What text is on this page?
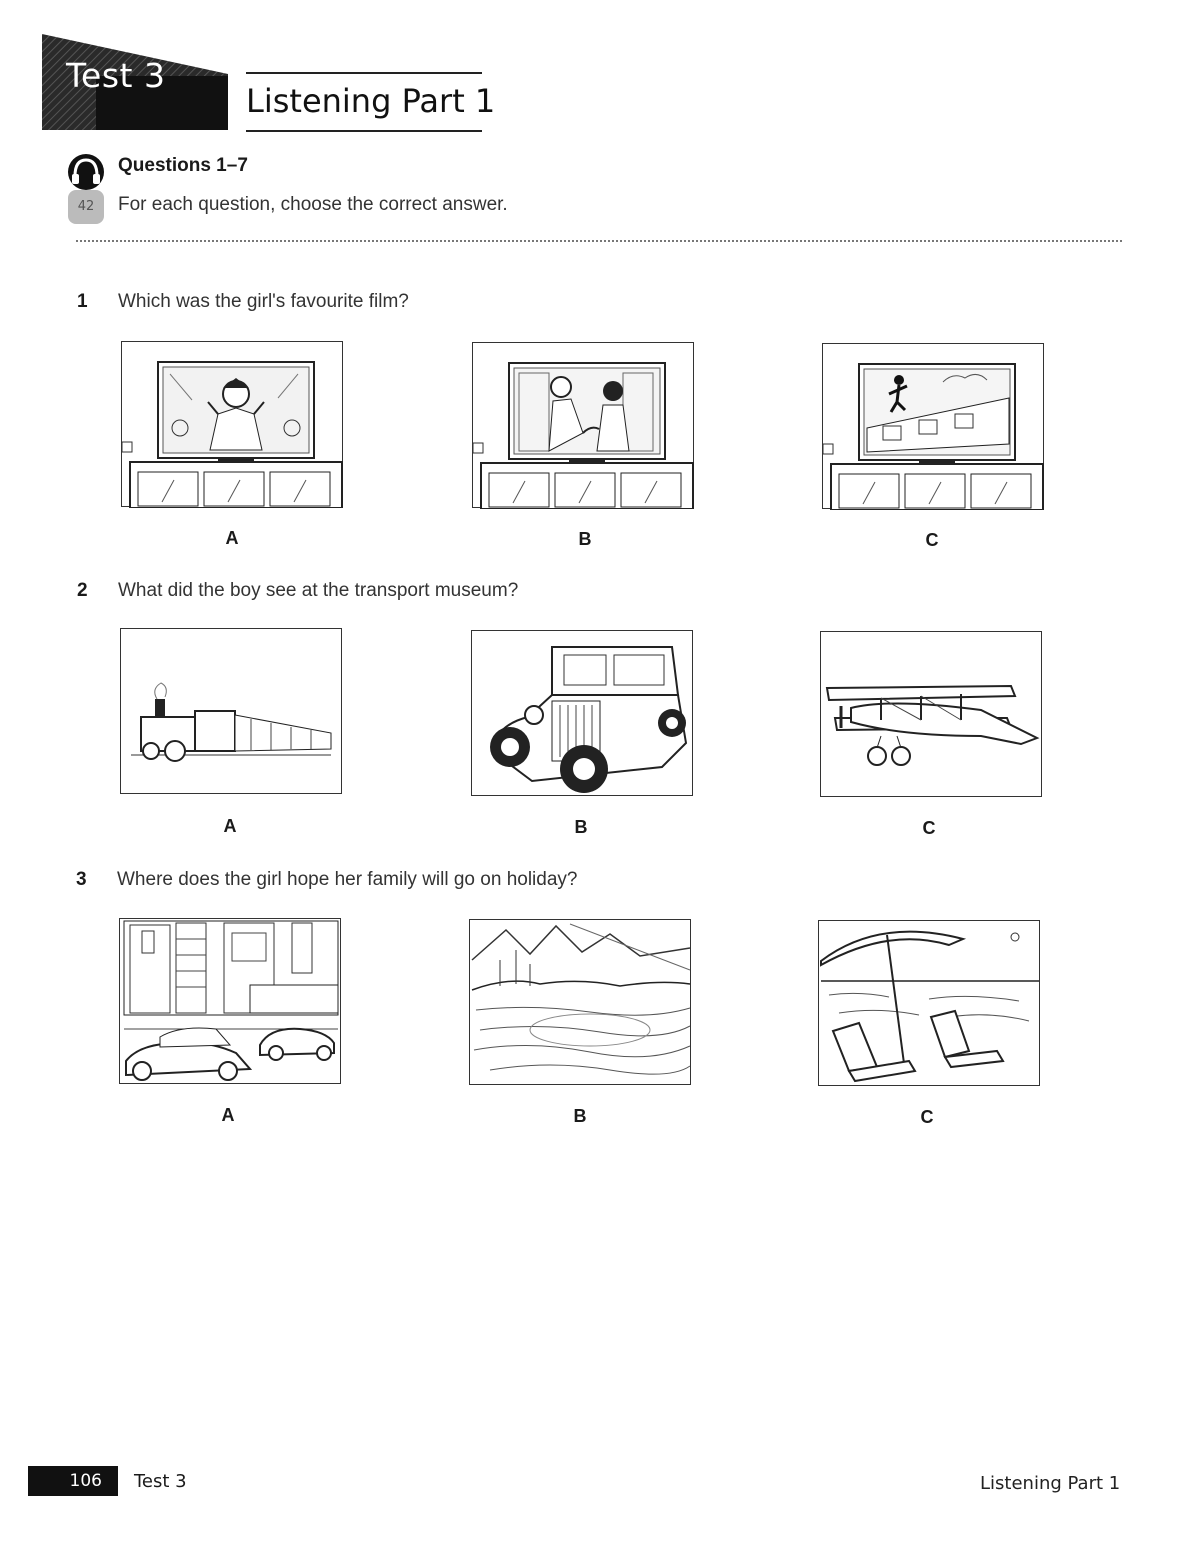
Test 3
Listening Part 1
42
Questions 1–7
For each question, choose the correct answer.
1 Which was the girl's favourite film?
A	B	C
2 What did the boy see at the transport museum?
A	B	C
3 Where does the girl hope her family will go on holiday?
A	B	C
106 Test 3	Listening Part 1
